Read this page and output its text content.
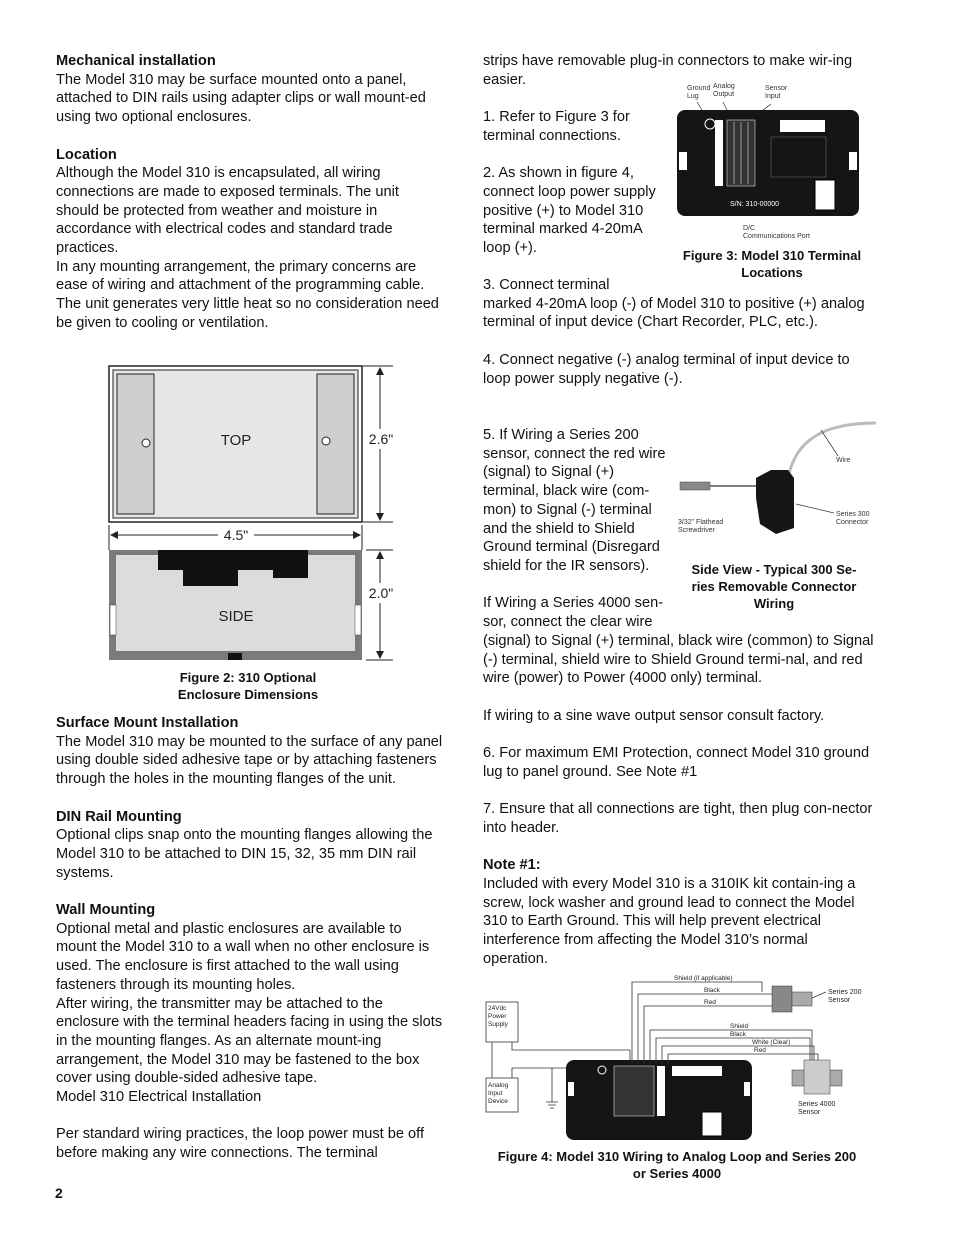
Mechanical installation

The Model 310 may be surface mounted onto a panel, attached to DIN rails using adapter clips or wall mount-ed using two optional enclosures.

Location

Although the Model 310 is encapsulated, all wiring connections are made to exposed terminals. The unit should be protected from weather and moisture in accordance with electrical codes and standard trade practices.

In any mounting arrangement, the primary concerns are ease of wiring and attachment of the programming cable.

The unit generates very little heat so no consideration need be given to cooling or ventilation.

TOP	2.6"
4.5"
SIDE
2.0"
Figure 2: 310 Optional
Enclosure Dimensions
Surface Mount Installation

The Model 310 may be mounted to the surface of any panel using double sided adhesive tape or by attaching fasteners through the holes in the mounting flanges of the unit.

DIN Rail Mounting

Optional clips snap onto the mounting flanges allowing the Model 310 to be attached to DIN 15, 32, 35 mm DIN rail systems.

Wall Mounting

Optional metal and plastic enclosures are available to mount the Model 310 to a wall when no other enclosure is used. The enclosure is first attached to the wall using fasteners through its mounting holes.

After wiring, the transmitter may be attached to the enclosure with the terminal headers facing in using the slots in the mounting flanges. As an alternate mount-ing arrangement, the Model 310 may be fastened to the box cover using double-sided adhesive tape.

Model 310 Electrical Installation

Per standard wiring practices, the loop power must be off before making any wire connections. The terminal

2

strips have removable plug-in connectors to make wir-ing easier.

1. Refer to Figure 3 for terminal connections.

2. As shown in figure 4, connect loop power supply positive (+) to Model 310 terminal marked 4-20mA loop (+).

Ground Lug
Analog Output
Sensor Input
S/N: 310-00000
D/C Communications Port
Figure 3: Model 310 Terminal
Locations

3. Connect terminal

marked 4-20mA loop (-) of Model 310 to positive (+) analog terminal of input device (Chart Recorder, PLC, etc.).

4. Connect negative (-) analog terminal of input device to loop power supply negative (-).

5. If Wiring a Series 200 sensor, connect the red wire (signal) to Signal (+) terminal, black wire (com-mon) to Signal (-) terminal and the shield to Shield Ground terminal (Disregard shield for the IR sensors).

If Wiring a Series 4000 sen-sor, connect the clear wire

Wire
Series 300 Connector
3/32" Flathead Screwdriver
Side View - Typical 300 Se-
ries Removable Connector
Wiring

(signal) to Signal (+) terminal, black wire (common) to Signal (-) terminal, shield wire to Shield Ground termi-nal, and red wire (power) to Power (4000 only) terminal.

If wiring to a sine wave output sensor consult factory.

6. For maximum EMI Protection, connect Model 310 ground lug to panel ground. See Note #1

7. Ensure that all connections are tight, then plug con-nector into header.

Note #1:

Included with every Model 310 is a 310IK kit contain-ing a screw, lock washer and ground lead to connect the Model 310 to Earth Ground. This will help prevent electrical interference from affecting the Model 310’s normal operation.

24Vdc Power Supply
Analog Input Device
Shield (if applicable)
Black
Red
Series 200 Sensor
Shield
Black
White (Clear)
Red
Series 4000 Sensor
Figure 4: Model 310 Wiring to Analog Loop and Series 200
or Series 4000
